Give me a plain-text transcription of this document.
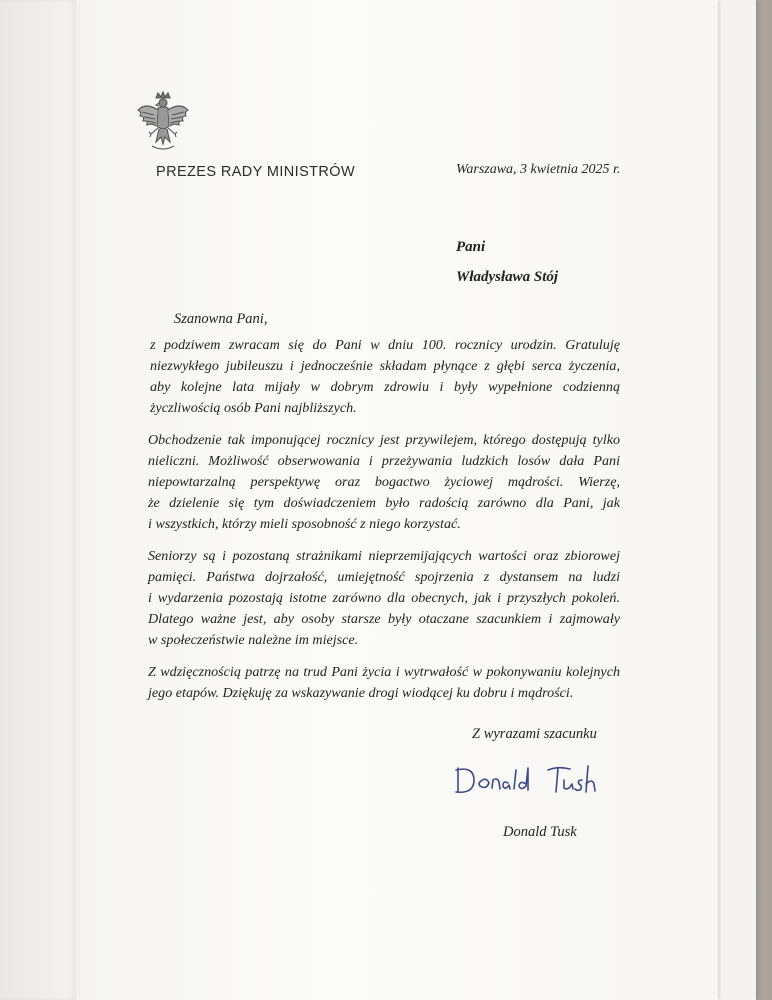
PREZES RADY MINISTRÓW	Warszawa, 3 kwietnia 2025 r.
Pani
Władysława Stój
Szanowna Pani,
z podziwem zwracam się do Pani w dniu 100. rocznicy urodzin. Gratuluję
niezwykłego jubileuszu i jednocześnie składam płynące z głębi serca życzenia,
aby kolejne lata mijały w dobrym zdrowiu i były wypełnione codzienną
życzliwością osób Pani najbliższych.
Obchodzenie tak imponującej rocznicy jest przywilejem, którego dostępują tylko
nieliczni. Możliwość obserwowania i przeżywania ludzkich losów dała Pani
niepowtarzalną perspektywę oraz bogactwo życiowej mądrości. Wierzę,
że dzielenie się tym doświadczeniem było radością zarówno dla Pani, jak
i wszystkich, którzy mieli sposobność z niego korzystać.
Seniorzy są i pozostaną strażnikami nieprzemijających wartości oraz zbiorowej
pamięci. Państwa dojrzałość, umiejętność spojrzenia z dystansem na ludzi
i wydarzenia pozostają istotne zarówno dla obecnych, jak i przyszłych pokoleń.
Dlatego ważne jest, aby osoby starsze były otaczane szacunkiem i zajmowały
w społeczeństwie należne im miejsce.
Z wdzięcznością patrzę na trud Pani życia i wytrwałość w pokonywaniu kolejnych
jego etapów. Dziękuję za wskazywanie drogi wiodącej ku dobru i mądrości.
Z wyrazami szacunku
Donald Tusk
